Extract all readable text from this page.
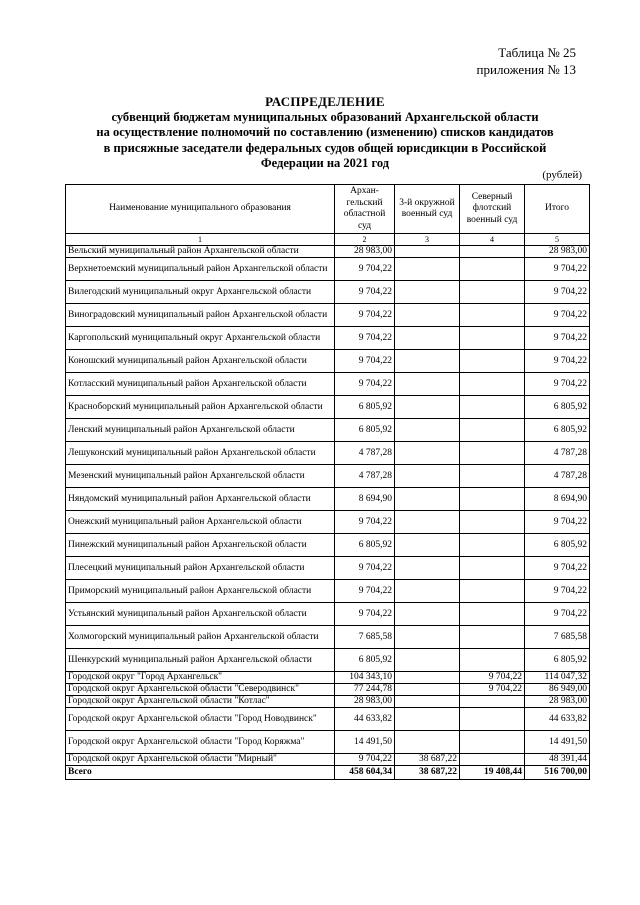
Таблица № 25
приложения № 13
РАСПРЕДЕЛЕНИЕ
субвенций бюджетам муниципальных образований Архангельской области
на осуществление полномочий по составлению (изменению) списков кандидатов
в присяжные заседатели федеральных судов общей юрисдикции в Российской
Федерации на 2021 год
(рублей)
Наименование муниципального образования	Архан-гельский областной суд	3-й окружной военный суд	Северный флотский военный суд	Итого
1	2	3	4	5
Вельский муниципальный район Архангельской области	28 983,00			28 983,00
Верхнетоемский муниципальный район Архангельской области	9 704,22			9 704,22
Вилегодский муниципальный округ Архангельской области	9 704,22			9 704,22
Виноградовский муниципальный район Архангельской области	9 704,22			9 704,22
Каргопольский муниципальный округ Архангельской области	9 704,22			9 704,22
Коношский муниципальный район Архангельской области	9 704,22			9 704,22
Котласский муниципальный район Архангельской области	9 704,22			9 704,22
Красноборский муниципальный район Архангельской области	6 805,92			6 805,92
Ленский муниципальный район Архангельской области	6 805,92			6 805,92
Лешуконский муниципальный район Архангельской области	4 787,28			4 787,28
Мезенский муниципальный район Архангельской области	4 787,28			4 787,28
Няндомский муниципальный район Архангельской области	8 694,90			8 694,90
Онежский муниципальный район Архангельской области	9 704,22			9 704,22
Пинежский муниципальный район Архангельской области	6 805,92			6 805,92
Плесецкий муниципальный район Архангельской области	9 704,22			9 704,22
Приморский муниципальный район Архангельской области	9 704,22			9 704,22
Устьянский муниципальный район Архангельской области	9 704,22			9 704,22
Холмогорский муниципальный район Архангельской области	7 685,58			7 685,58
Шенкурский муниципальный район Архангельской области	6 805,92			6 805,92
Городской округ "Город Архангельск"	104 343,10		9 704,22	114 047,32
Городской округ Архангельской области "Северодвинск"	77 244,78		9 704,22	86 949,00
Городской округ Архангельской области "Котлас"	28 983,00			28 983,00
Городской округ Архангельской области "Город Новодвинск"	44 633,82			44 633,82
Городской округ Архангельской области "Город Коряжма"	14 491,50			14 491,50
Городской округ Архангельской области "Мирный"	9 704,22	38 687,22		48 391,44
Всего	458 604,34	38 687,22	19 408,44	516 700,00
